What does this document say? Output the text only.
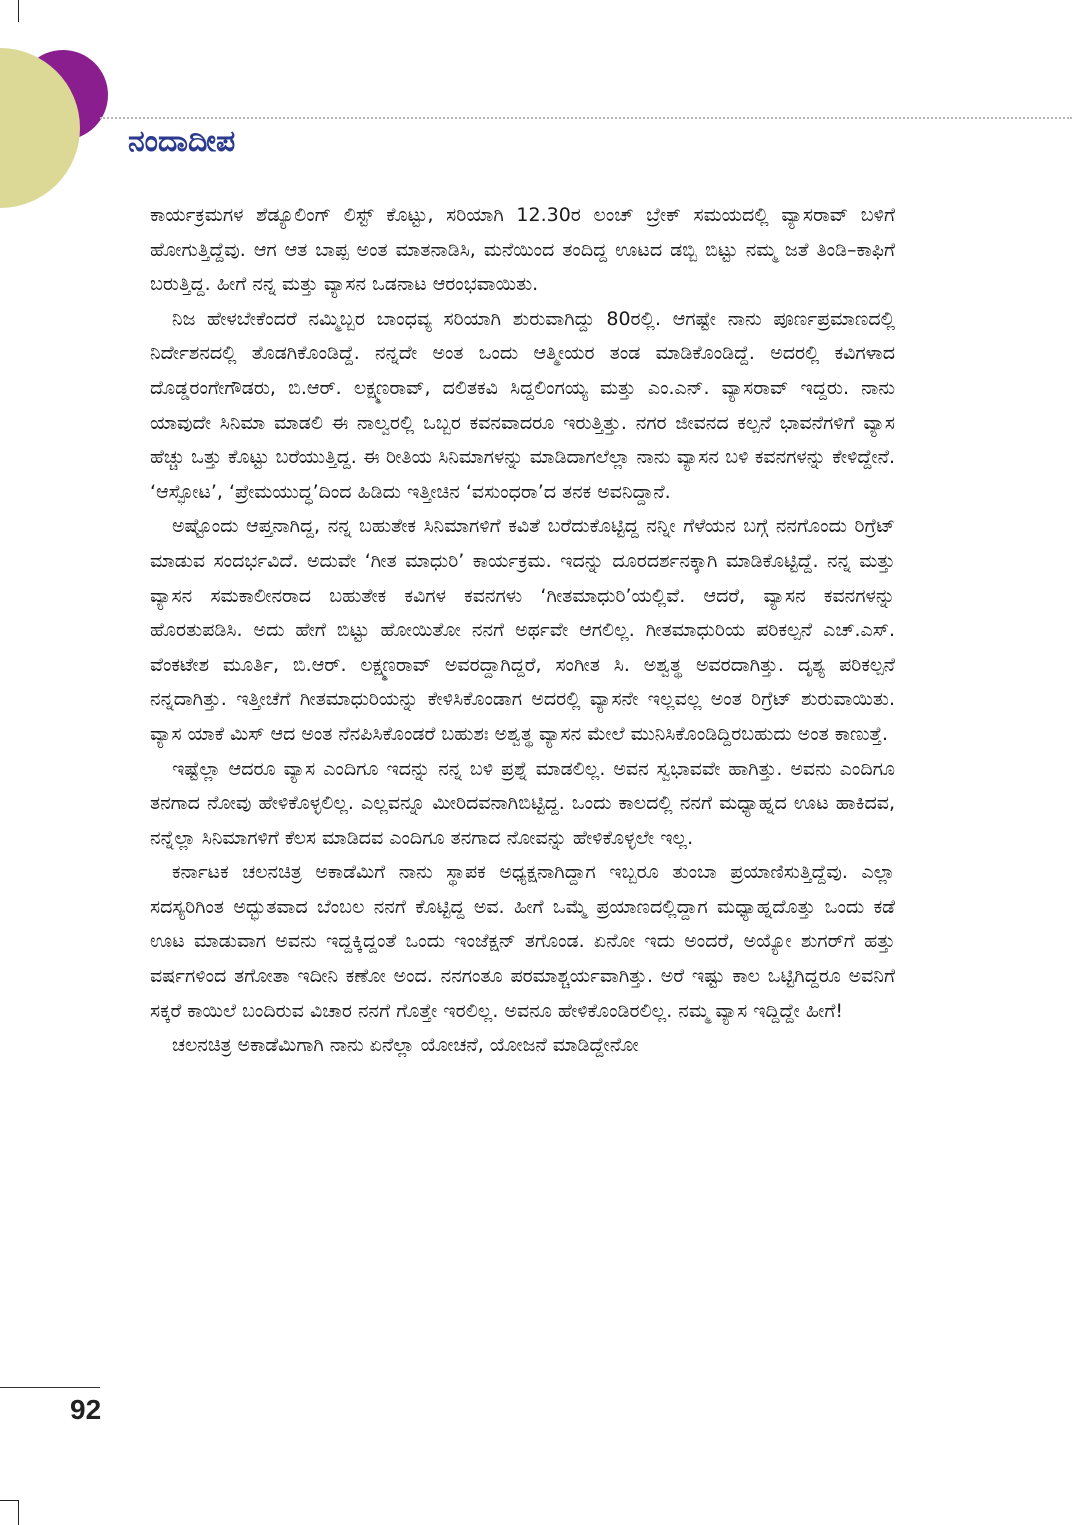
ನಂದಾದೀಪ

ಕಾರ್ಯಕ್ರಮಗಳ ಶೆಡ್ಯೂಲಿಂಗ್ ಲಿಸ್ಟ್ ಕೊಟ್ಟು, ಸರಿಯಾಗಿ 12.30ರ ಲಂಚ್ ಬ್ರೇಕ್ ಸಮಯದಲ್ಲಿ ವ್ಯಾಸರಾವ್ ಬಳಿಗೆ ಹೋಗುತ್ತಿದ್ದೆವು. ಆಗ ಆತ ಬಾಪ್ಪ ಅಂತ ಮಾತನಾಡಿಸಿ, ಮನೆಯಿಂದ ತಂದಿದ್ದ ಊಟದ ಡಬ್ಬಿ ಬಿಟ್ಟು ನಮ್ಮ ಜತೆ ತಿಂಡಿ–ಕಾಫಿಗೆ ಬರುತ್ತಿದ್ದ. ಹೀಗೆ ನನ್ನ ಮತ್ತು ವ್ಯಾಸನ ಒಡನಾಟ ಆರಂಭವಾಯಿತು.

ನಿಜ ಹೇಳಬೇಕೆಂದರೆ ನಮ್ಮಿಬ್ಬರ ಬಾಂಧವ್ಯ ಸರಿಯಾಗಿ ಶುರುವಾಗಿದ್ದು 80ರಲ್ಲಿ. ಆಗಷ್ಟೇ ನಾನು ಪೂರ್ಣಪ್ರಮಾಣದಲ್ಲಿ ನಿರ್ದೇಶನದಲ್ಲಿ ತೊಡಗಿಕೊಂಡಿದ್ದೆ. ನನ್ನದೇ ಅಂತ ಒಂದು ಆತ್ಮೀಯರ ತಂಡ ಮಾಡಿಕೊಂಡಿದ್ದೆ. ಅದರಲ್ಲಿ ಕವಿಗಳಾದ ದೊಡ್ಡರಂಗೇಗೌಡರು, ಬಿ.ಆರ್. ಲಕ್ಷ್ಮಣರಾವ್, ದಲಿತಕವಿ ಸಿದ್ದಲಿಂಗಯ್ಯ ಮತ್ತು ಎಂ.ಎನ್. ವ್ಯಾಸರಾವ್ ಇದ್ದರು. ನಾನು ಯಾವುದೇ ಸಿನಿಮಾ ಮಾಡಲಿ ಈ ನಾಲ್ವರಲ್ಲಿ ಒಬ್ಬರ ಕವನವಾದರೂ ಇರುತ್ತಿತ್ತು. ನಗರ ಜೀವನದ ಕಲ್ಪನೆ ಭಾವನೆಗಳಿಗೆ ವ್ಯಾಸ ಹೆಚ್ಚು ಒತ್ತು ಕೊಟ್ಟು ಬರೆಯುತ್ತಿದ್ದ. ಈ ರೀತಿಯ ಸಿನಿಮಾಗಳನ್ನು ಮಾಡಿದಾಗಲೆಲ್ಲಾ ನಾನು ವ್ಯಾಸನ ಬಳಿ ಕವನಗಳನ್ನು ಕೇಳಿದ್ದೇನೆ. ‘ಆಸ್ಫೋಟ’, ‘ಪ್ರೇಮಯುದ್ಧ’ದಿಂದ ಹಿಡಿದು ಇತ್ತೀಚಿನ ‘ವಸುಂಧರಾ’ದ ತನಕ ಅವನಿದ್ದಾನೆ.

ಅಷ್ಟೊಂದು ಆಪ್ತನಾಗಿದ್ದ, ನನ್ನ ಬಹುತೇಕ ಸಿನಿಮಾಗಳಿಗೆ ಕವಿತೆ ಬರೆದುಕೊಟ್ಟಿದ್ದ ನನ್ನೀ ಗೆಳೆಯನ ಬಗ್ಗೆ ನನಗೊಂದು ರಿಗ್ರೆಟ್ ಮಾಡುವ ಸಂದರ್ಭವಿದೆ. ಅದುವೇ ‘ಗೀತ ಮಾಧುರಿ’ ಕಾರ್ಯಕ್ರಮ. ಇದನ್ನು ದೂರದರ್ಶನಕ್ಕಾಗಿ ಮಾಡಿಕೊಟ್ಟಿದ್ದೆ. ನನ್ನ ಮತ್ತು ವ್ಯಾಸನ ಸಮಕಾಲೀನರಾದ ಬಹುತೇಕ ಕವಿಗಳ ಕವನಗಳು ‘ಗೀತಮಾಧುರಿ’ಯಲ್ಲಿವೆ. ಆದರೆ, ವ್ಯಾಸನ ಕವನಗಳನ್ನು ಹೊರತುಪಡಿಸಿ. ಅದು ಹೇಗೆ ಬಿಟ್ಟು ಹೋಯಿತೋ ನನಗೆ ಅರ್ಥವೇ ಆಗಲಿಲ್ಲ. ಗೀತಮಾಧುರಿಯ ಪರಿಕಲ್ಪನೆ ಎಚ್.ಎಸ್. ವೆಂಕಟೇಶ ಮೂರ್ತಿ, ಬಿ.ಆರ್. ಲಕ್ಷ್ಮಣರಾವ್ ಅವರದ್ದಾಗಿದ್ದರೆ, ಸಂಗೀತ ಸಿ. ಅಶ್ವತ್ಥ ಅವರದಾಗಿತ್ತು. ದೃಶ್ಯ ಪರಿಕಲ್ಪನೆ ನನ್ನದಾಗಿತ್ತು. ಇತ್ತೀಚೆಗೆ ಗೀತಮಾಧುರಿಯನ್ನು ಕೇಳಿಸಿಕೊಂಡಾಗ ಅದರಲ್ಲಿ ವ್ಯಾಸನೇ ಇಲ್ಲವಲ್ಲ ಅಂತ ರಿಗ್ರೆಟ್ ಶುರುವಾಯಿತು. ವ್ಯಾಸ ಯಾಕೆ ಮಿಸ್ ಆದ ಅಂತ ನೆನಪಿಸಿಕೊಂಡರೆ ಬಹುಶಃ ಅಶ್ವತ್ಥ ವ್ಯಾಸನ ಮೇಲೆ ಮುನಿಸಿಕೊಂಡಿದ್ದಿರಬಹುದು ಅಂತ ಕಾಣುತ್ತೆ.

ಇಷ್ಟೆಲ್ಲಾ ಆದರೂ ವ್ಯಾಸ ಎಂದಿಗೂ ಇದನ್ನು ನನ್ನ ಬಳಿ ಪ್ರಶ್ನೆ ಮಾಡಲಿಲ್ಲ. ಅವನ ಸ್ವಭಾವವೇ ಹಾಗಿತ್ತು. ಅವನು ಎಂದಿಗೂ ತನಗಾದ ನೋವು ಹೇಳಿಕೊಳ್ಳಲಿಲ್ಲ. ಎಲ್ಲವನ್ನೂ ಮೀರಿದವನಾಗಿಬಿಟ್ಟಿದ್ದ. ಒಂದು ಕಾಲದಲ್ಲಿ ನನಗೆ ಮಧ್ಯಾಹ್ನದ ಊಟ ಹಾಕಿದವ, ನನ್ನೆಲ್ಲಾ ಸಿನಿಮಾಗಳಿಗೆ ಕೆಲಸ ಮಾಡಿದವ ಎಂದಿಗೂ ತನಗಾದ ನೋವನ್ನು ಹೇಳಿಕೊಳ್ಳಲೇ ಇಲ್ಲ.

ಕರ್ನಾಟಕ ಚಲನಚಿತ್ರ ಅಕಾಡೆಮಿಗೆ ನಾನು ಸ್ಥಾಪಕ ಅಧ್ಯಕ್ಷನಾಗಿದ್ದಾಗ ಇಬ್ಬರೂ ತುಂಬಾ ಪ್ರಯಾಣಿಸುತ್ತಿದ್ದೆವು. ಎಲ್ಲಾ ಸದಸ್ಯರಿಗಿಂತ ಅದ್ಭುತವಾದ ಬೆಂಬಲ ನನಗೆ ಕೊಟ್ಟಿದ್ದ ಅವ. ಹೀಗೆ ಒಮ್ಮೆ ಪ್ರಯಾಣದಲ್ಲಿದ್ದಾಗ ಮಧ್ಯಾಹ್ನದೊತ್ತು ಒಂದು ಕಡೆ ಊಟ ಮಾಡುವಾಗ ಅವನು ಇದ್ದಕ್ಕಿದ್ದಂತೆ ಒಂದು ಇಂಜೆಕ್ಷನ್ ತಗೊಂಡ. ಏನೋ ಇದು ಅಂದರೆ, ಅಯ್ಯೋ ಶುಗರ್‌ಗೆ ಹತ್ತು ವರ್ಷಗಳಿಂದ ತಗೋತಾ ಇದೀನಿ ಕಣೋ ಅಂದ. ನನಗಂತೂ ಪರಮಾಶ್ಚರ್ಯವಾಗಿತ್ತು. ಅರೆ ಇಷ್ಟು ಕಾಲ ಒಟ್ಟಿಗಿದ್ದರೂ ಅವನಿಗೆ ಸಕ್ಕರೆ ಕಾಯಿಲೆ ಬಂದಿರುವ ವಿಚಾರ ನನಗೆ ಗೊತ್ತೇ ಇರಲಿಲ್ಲ. ಅವನೂ ಹೇಳಿಕೊಂಡಿರಲಿಲ್ಲ. ನಮ್ಮ ವ್ಯಾಸ ಇದ್ದಿದ್ದೇ ಹೀಗೆ!

ಚಲನಚಿತ್ರ ಅಕಾಡೆಮಿಗಾಗಿ ನಾನು ಏನೆಲ್ಲಾ ಯೋಚನೆ, ಯೋಜನೆ ಮಾಡಿದ್ದೇನೋ

92
